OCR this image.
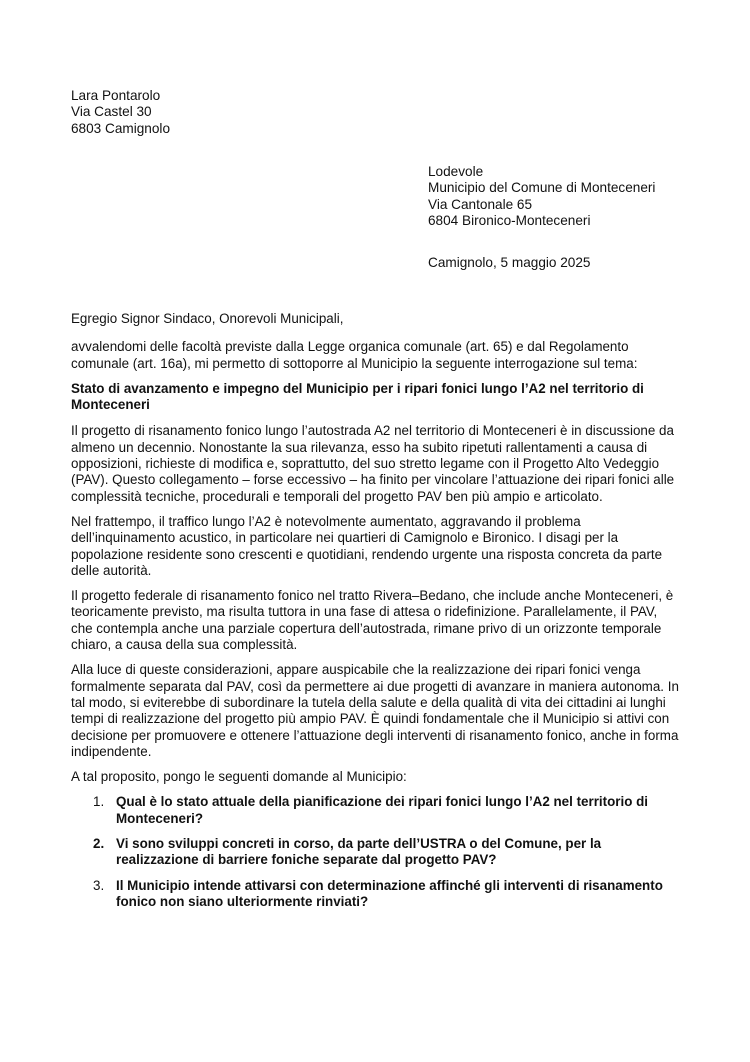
Lara Pontarolo
Via Castel 30
6803 Camignolo
Lodevole
Municipio del Comune di Monteceneri
Via Cantonale 65
6804 Bironico-Monteceneri
Camignolo, 5 maggio 2025

Egregio Signor Sindaco, Onorevoli Municipali,

avvalendomi delle facoltà previste dalla Legge organica comunale (art. 65) e dal Regolamento comunale (art. 16a), mi permetto di sottoporre al Municipio la seguente interrogazione sul tema:

Stato di avanzamento e impegno del Municipio per i ripari fonici lungo l’A2 nel territorio di Monteceneri

Il progetto di risanamento fonico lungo l’autostrada A2 nel territorio di Monteceneri è in discussione da almeno un decennio. Nonostante la sua rilevanza, esso ha subito ripetuti rallentamenti a causa di opposizioni, richieste di modifica e, soprattutto, del suo stretto legame con il Progetto Alto Vedeggio (PAV). Questo collegamento – forse eccessivo – ha finito per vincolare l’attuazione dei ripari fonici alle complessità tecniche, procedurali e temporali del progetto PAV ben più ampio e articolato.

Nel frattempo, il traffico lungo l’A2 è notevolmente aumentato, aggravando il problema dell’inquinamento acustico, in particolare nei quartieri di Camignolo e Bironico. I disagi per la popolazione residente sono crescenti e quotidiani, rendendo urgente una risposta concreta da parte delle autorità.

Il progetto federale di risanamento fonico nel tratto Rivera–Bedano, che include anche Monteceneri, è teoricamente previsto, ma risulta tuttora in una fase di attesa o ridefinizione. Parallelamente, il PAV, che contempla anche una parziale copertura dell’autostrada, rimane privo di un orizzonte temporale chiaro, a causa della sua complessità.

Alla luce di queste considerazioni, appare auspicabile che la realizzazione dei ripari fonici venga formalmente separata dal PAV, così da permettere ai due progetti di avanzare in maniera autonoma. In tal modo, si eviterebbe di subordinare la tutela della salute e della qualità di vita dei cittadini ai lunghi tempi di realizzazione del progetto più ampio PAV. È quindi fondamentale che il Municipio si attivi con decisione per promuovere e ottenere l’attuazione degli interventi di risanamento fonico, anche in forma indipendente.

A tal proposito, pongo le seguenti domande al Municipio:

1. Qual è lo stato attuale della pianificazione dei ripari fonici lungo l’A2 nel territorio di Monteceneri?
2. Vi sono sviluppi concreti in corso, da parte dell’USTRA o del Comune, per la realizzazione di barriere foniche separate dal progetto PAV?
3. Il Municipio intende attivarsi con determinazione affinché gli interventi di risanamento fonico non siano ulteriormente rinviati?
